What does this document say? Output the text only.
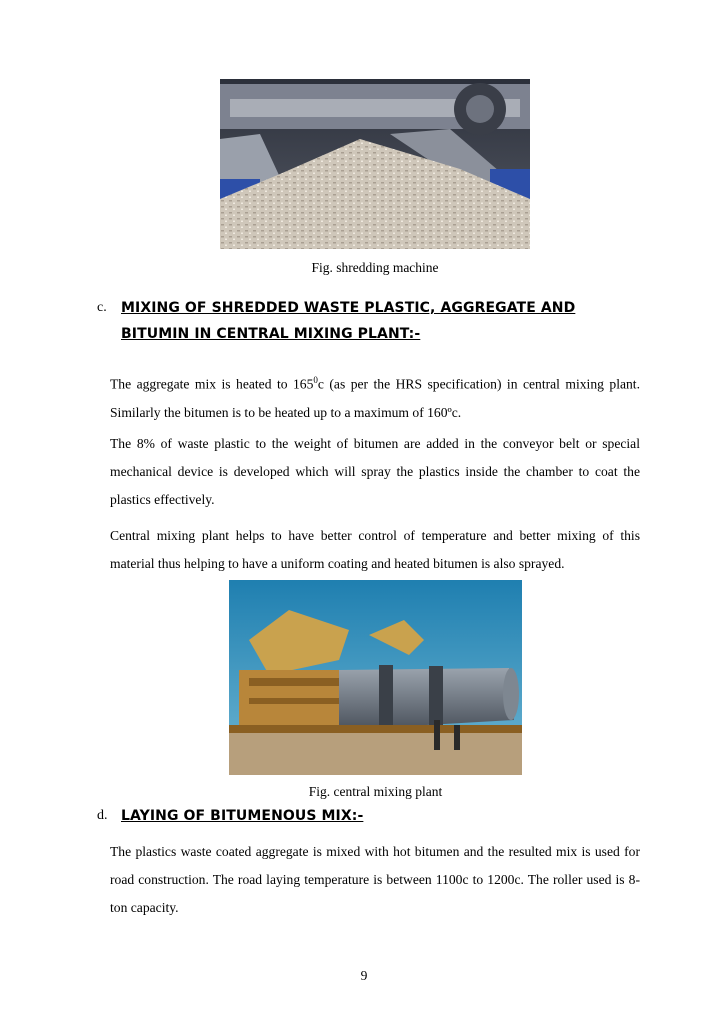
Fig. shredding machine
c. MIXING OF SHREDDED WASTE PLASTIC, AGGREGATE AND
BITUMIN IN CENTRAL MIXING PLANT:-

The aggregate mix is heated to $165^0c$ (as per the HRS specification) in central mixing plant. Similarly the bitumen is to be heated up to a maximum of 160ºc.

The 8% of waste plastic to the weight of bitumen are added in the conveyor belt or special mechanical device is developed which will spray the plastics inside the chamber to coat the plastics effectively.
Central mixing plant helps to have better control of temperature and better mixing of this material thus helping to have a uniform coating and heated bitumen is also sprayed.
Fig. central mixing plant
d. LAYING OF BITUMENOUS MIX:-
The plastics waste coated aggregate is mixed with hot bitumen and the resulted mix is used for road construction. The road laying temperature is between 1100c to 1200c. The roller used is 8-ton capacity.
9
